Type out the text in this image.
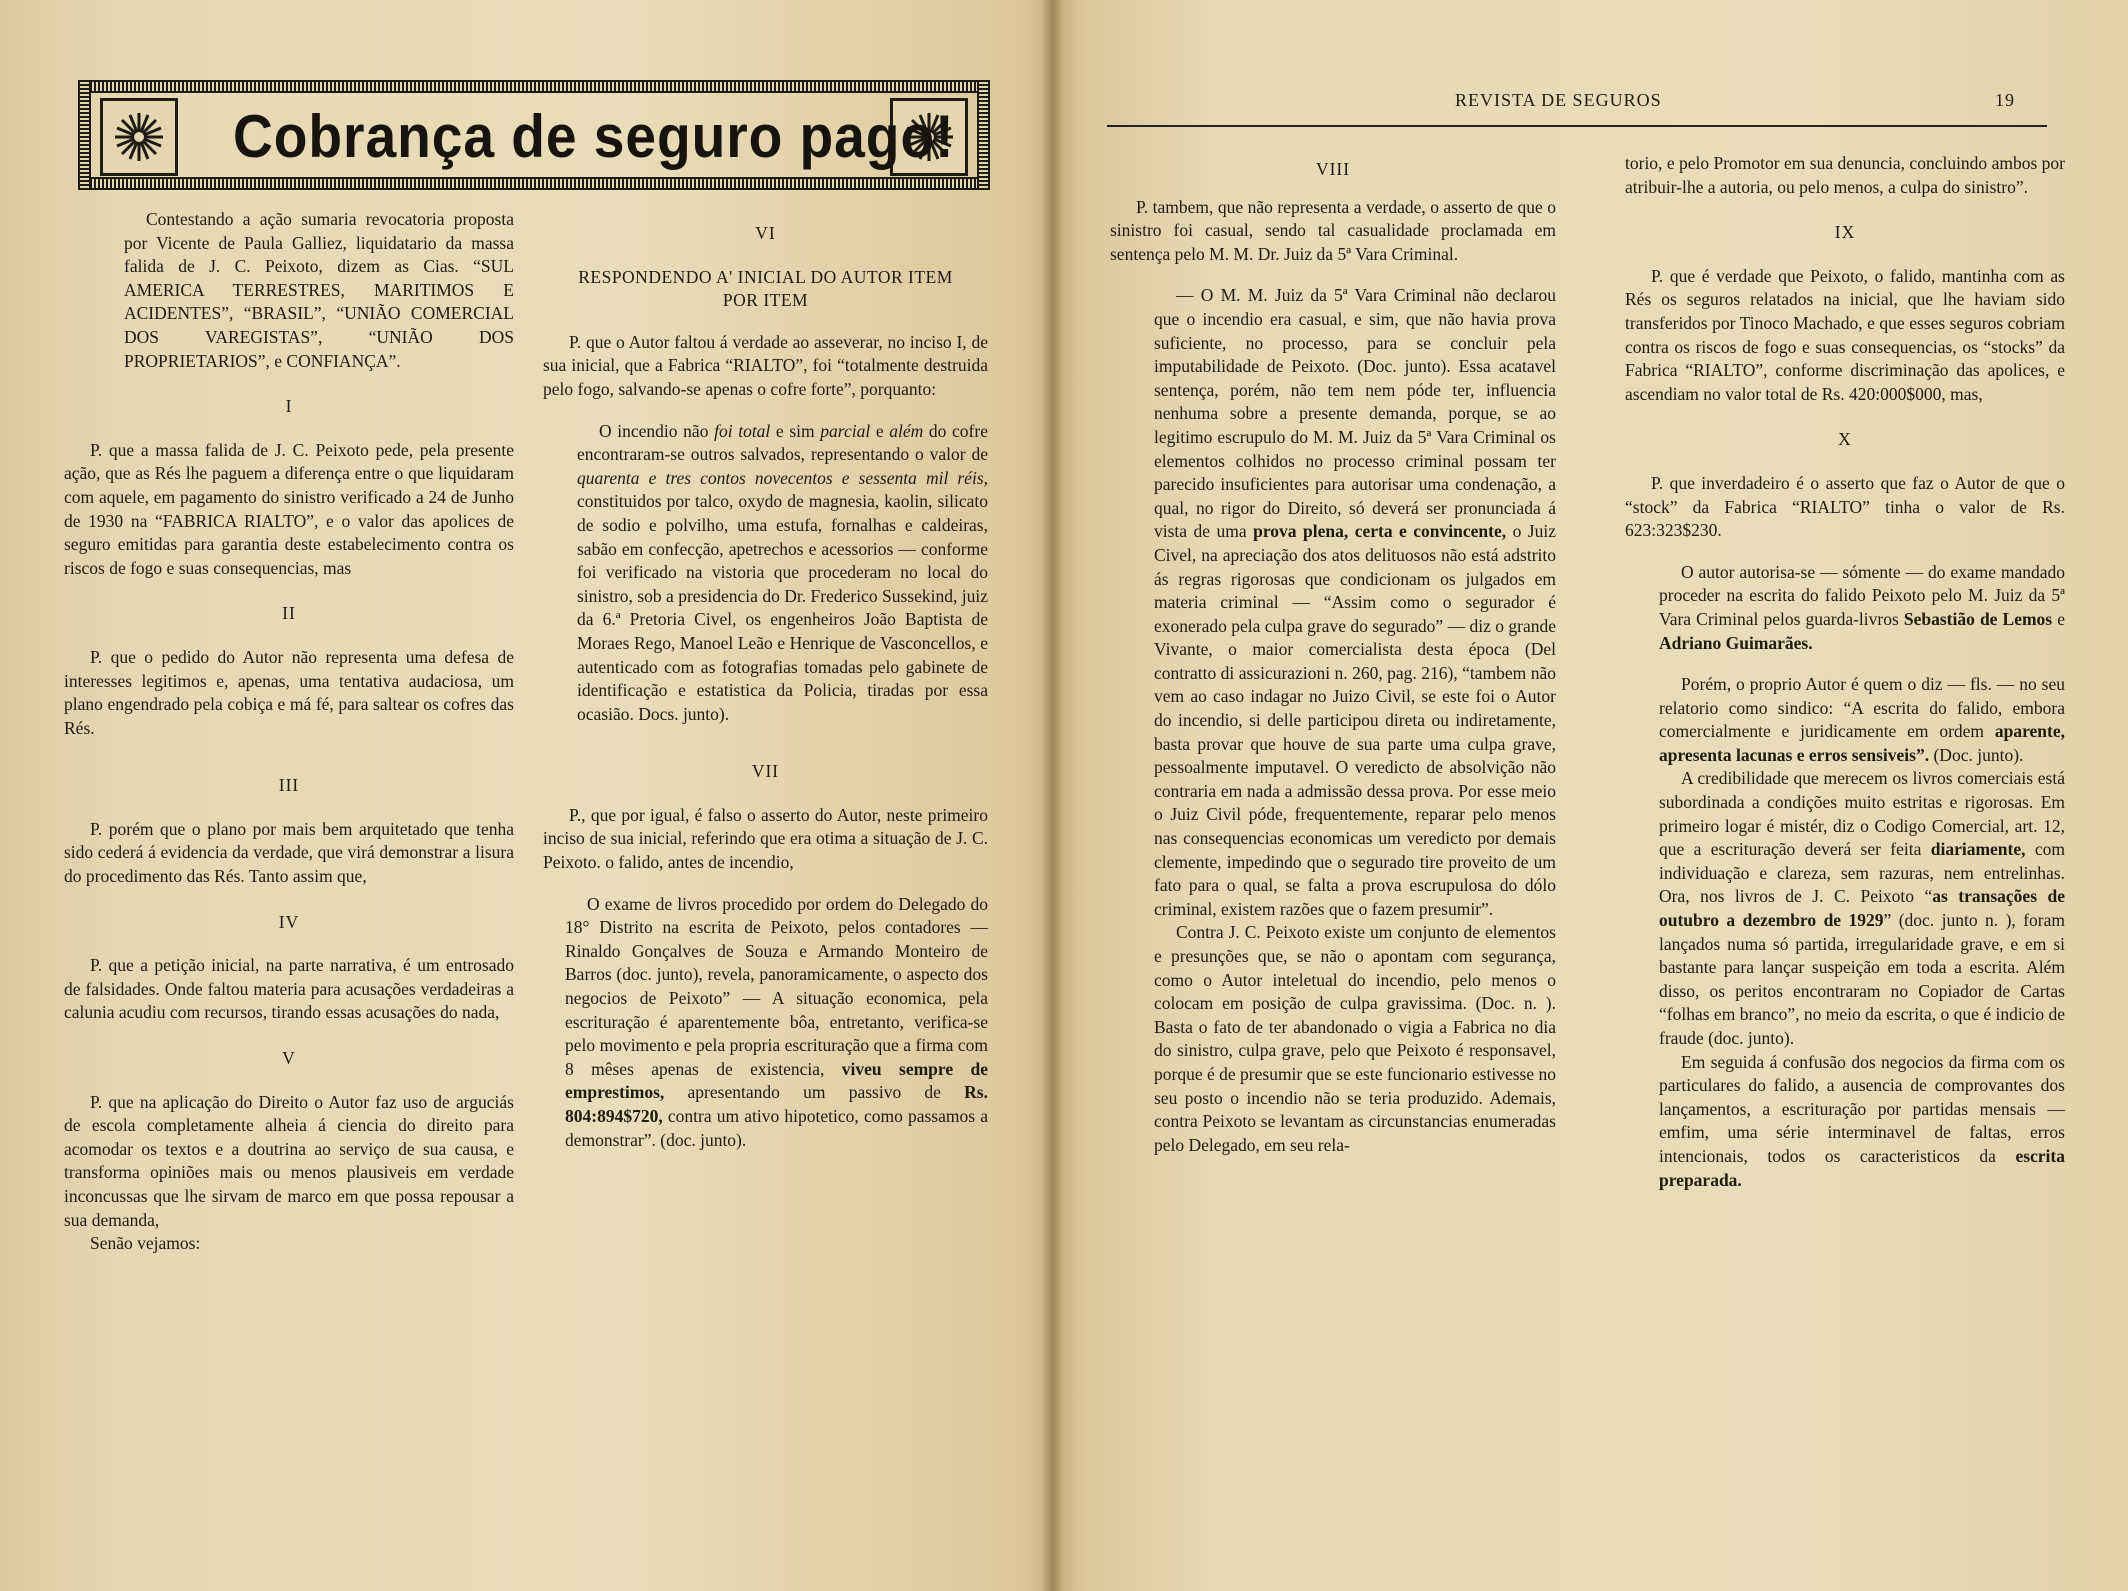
Cobrança de seguro pago!
REVISTA DE SEGUROS	19

Contestando a ação sumaria revocatoria proposta por Vicente de Paula Galliez, liquidatario da massa falida de J. C. Peixoto, dizem as Cias. “SUL AMERICA TERRESTRES, MARITIMOS E ACIDENTES”, “BRASIL”, “UNIÃO COMERCIAL DOS VAREGISTAS”, “UNIÃO DOS PROPRIETARIOS”, e CONFIANÇA”.

I

P. que a massa falida de J. C. Peixoto pede, pela presente ação, que as Rés lhe paguem a diferença entre o que liquidaram com aquele, em pagamento do sinistro verificado a 24 de Junho de 1930 na “FABRICA RIALTO”, e o valor das apolices de seguro emitidas para garantia deste estabelecimento contra os riscos de fogo e suas consequencias, mas

II

P. que o pedido do Autor não representa uma defesa de interesses legitimos e, apenas, uma tentativa audaciosa, um plano engendrado pela cobiça e má fé, para saltear os cofres das Rés.

III

P. porém que o plano por mais bem arquitetado que tenha sido cederá á evidencia da verdade, que virá demonstrar a lisura do procedimento das Rés. Tanto assim que,

IV

P. que a petição inicial, na parte narrativa, é um entrosado de falsidades. Onde faltou materia para acusações verdadeiras a calunia acudiu com recursos, tirando essas acusações do nada,

V

P. que na aplicação do Direito o Autor faz uso de arguciás de escola completamente alheia á ciencia do direito para acomodar os textos e a doutrina ao serviço de sua causa, e transforma opiniões mais ou menos plausiveis em verdade inconcussas que lhe sirvam de marco em que possa repousar a sua demanda,

Senão vejamos:

VI
RESPONDENDO A' INICIAL DO AUTOR ITEM POR ITEM

P. que o Autor faltou á verdade ao asseverar, no inciso I, de sua inicial, que a Fabrica “RIALTO”, foi “totalmente destruida pelo fogo, salvando-se apenas o cofre forte”, porquanto:

O incendio não foi total e sim parcial e além do cofre encontraram-se outros salvados, representando o valor de quarenta e tres contos novecentos e sessenta mil réis, constituidos por talco, oxydo de magnesia, kaolin, silicato de sodio e polvilho, uma estufa, fornalhas e caldeiras, sabão em confecção, apetrechos e acessorios — conforme foi verificado na vistoria que procederam no local do sinistro, sob a presidencia do Dr. Frederico Sussekind, juiz da 6.ª Pretoria Civel, os engenheiros João Baptista de Moraes Rego, Manoel Leão e Henrique de Vasconcellos, e autenticado com as fotografias tomadas pelo gabinete de identificação e estatistica da Policia, tiradas por essa ocasião. Docs. junto).

VII

P., que por igual, é falso o asserto do Autor, neste primeiro inciso de sua inicial, referindo que era otima a situação de J. C. Peixoto. o falido, antes de incendio,

O exame de livros procedido por ordem do Delegado do 18° Distrito na escrita de Peixoto, pelos contadores — Rinaldo Gonçalves de Souza e Armando Monteiro de Barros (doc. junto), revela, panoramicamente, o aspecto dos negocios de Peixoto” — A situação economica, pela escrituração é aparentemente bôa, entretanto, verifica-se pelo movimento e pela propria escrituração que a firma com 8 mêses apenas de existencia, viveu sempre de emprestimos, apresentando um passivo de Rs. 804:894$720, contra um ativo hipotetico, como passamos a demonstrar”. (doc. junto).

VIII

P. tambem, que não representa a verdade, o asserto de que o sinistro foi casual, sendo tal casualidade proclamada em sentença pelo M. M. Dr. Juiz da 5ª Vara Criminal.

— O M. M. Juiz da 5ª Vara Criminal não declarou que o incendio era casual, e sim, que não havia prova suficiente, no processo, para se concluir pela imputabilidade de Peixoto. (Doc. junto). Essa acatavel sentença, porém, não tem nem póde ter, influencia nenhuma sobre a presente demanda, porque, se ao legitimo escrupulo do M. M. Juiz da 5ª Vara Criminal os elementos colhidos no processo criminal possam ter parecido insuficientes para autorisar uma condenação, a qual, no rigor do Direito, só deverá ser pronunciada á vista de uma prova plena, certa e convincente, o Juiz Civel, na apreciação dos atos delituosos não está adstrito ás regras rigorosas que condicionam os julgados em materia criminal — “Assim como o segurador é exonerado pela culpa grave do segurado” — diz o grande Vivante, o maior comercialista desta época (Del contratto di assicurazioni n. 260, pag. 216), “tambem não vem ao caso indagar no Juizo Civil, se este foi o Autor do incendio, si delle participou direta ou indiretamente, basta provar que houve de sua parte uma culpa grave, pessoalmente imputavel. O veredicto de absolvição não contraria em nada a admissão dessa prova. Por esse meio o Juiz Civil póde, frequentemente, reparar pelo menos nas consequencias economicas um veredicto por demais clemente, impedindo que o segurado tire proveito de um fato para o qual, se falta a prova escrupulosa do dólo criminal, existem razões que o fazem presumir”.

Contra J. C. Peixoto existe um conjunto de elementos e presunções que, se não o apontam com segurança, como o Autor inteletual do incendio, pelo menos o colocam em posição de culpa gravissima. (Doc. n. ). Basta o fato de ter abandonado o vigia a Fabrica no dia do sinistro, culpa grave, pelo que Peixoto é responsavel, porque é de presumir que se este funcionario estivesse no seu posto o incendio não se teria produzido. Ademais, contra Peixoto se levantam as circunstancias enumeradas pelo Delegado, em seu rela-

torio, e pelo Promotor em sua denuncia, concluindo ambos por atribuir-lhe a autoria, ou pelo menos, a culpa do sinistro”.

IX

P. que é verdade que Peixoto, o falido, mantinha com as Rés os seguros relatados na inicial, que lhe haviam sido transferidos por Tinoco Machado, e que esses seguros cobriam contra os riscos de fogo e suas consequencias, os “stocks” da Fabrica “RIALTO”, conforme discriminação das apolices, e ascendiam no valor total de Rs. 420:000$000, mas,

X

P. que inverdadeiro é o asserto que faz o Autor de que o “stock” da Fabrica “RIALTO” tinha o valor de Rs. 623:323$230.

O autor autorisa-se — sómente — do exame mandado proceder na escrita do falido Peixoto pelo M. Juiz da 5ª Vara Criminal pelos guarda-livros Sebastião de Lemos e Adriano Guimarães.

Porém, o proprio Autor é quem o diz — fls. — no seu relatorio como sindico: “A escrita do falido, embora comercialmente e juridicamente em ordem aparente, apresenta lacunas e erros sensiveis”. (Doc. junto).

A credibilidade que merecem os livros comerciais está subordinada a condições muito estritas e rigorosas. Em primeiro logar é mistér, diz o Codigo Comercial, art. 12, que a escrituração deverá ser feita diariamente, com individuação e clareza, sem razuras, nem entrelinhas. Ora, nos livros de J. C. Peixoto “as transações de outubro a dezembro de 1929” (doc. junto n. ), foram lançados numa só partida, irregularidade grave, e em si bastante para lançar suspeição em toda a escrita. Além disso, os peritos encontraram no Copiador de Cartas “folhas em branco”, no meio da escrita, o que é indicio de fraude (doc. junto).

Em seguida á confusão dos negocios da firma com os particulares do falido, a ausencia de comprovantes dos lançamentos, a escrituração por partidas mensais — emfim, uma série interminavel de faltas, erros intencionais, todos os caracteristicos da escrita preparada.
